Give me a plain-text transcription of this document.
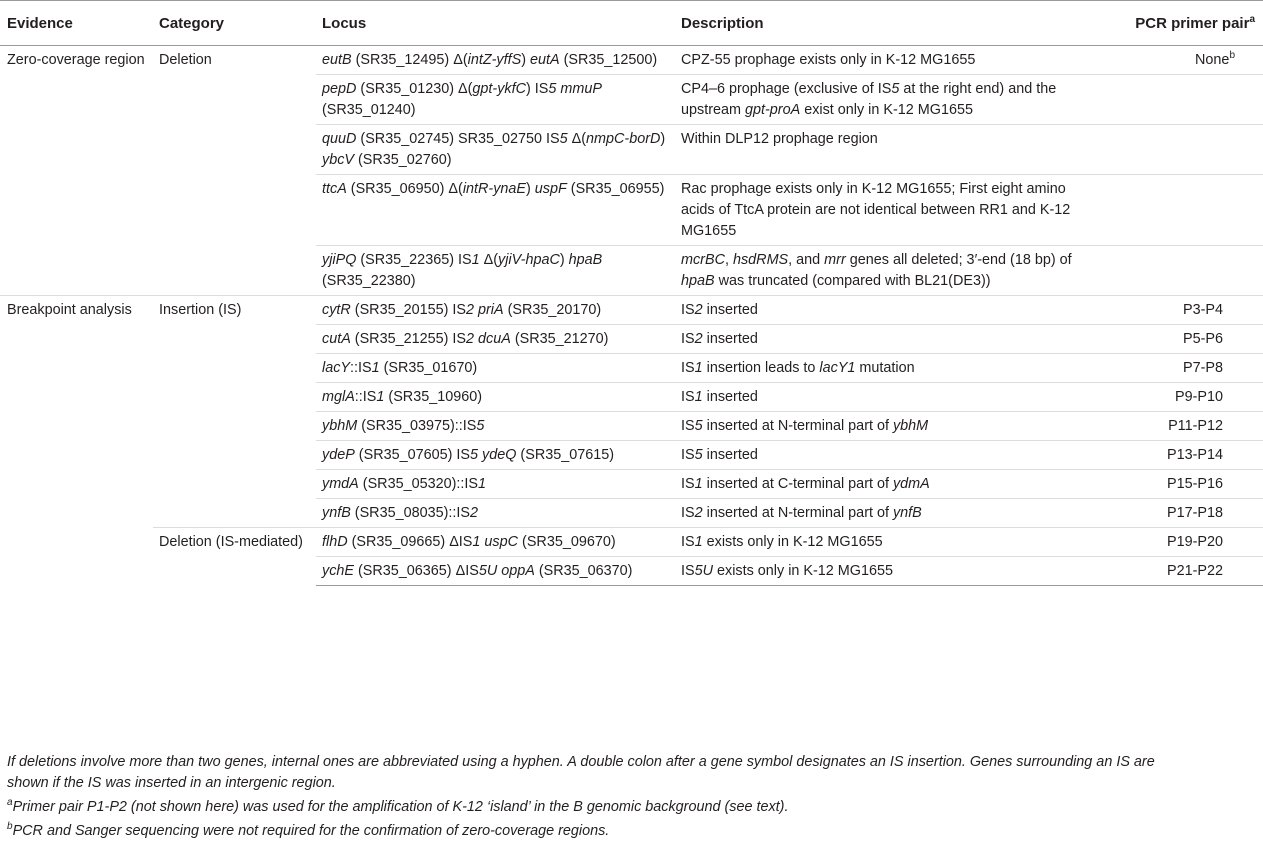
Evidence	Category	Locus	Description	PCR primer pair$^a$
Zero-coverage region	Deletion	eutB (SR35_12495) Δ(intZ-yffS) eutA (SR35_12500)	CPZ-55 prophage exists only in K-12 MG1655	None$^b$
		pepD (SR35_01230) Δ(gpt-ykfC) IS5 mmuP (SR35_01240)	CP4–6 prophage (exclusive of IS5 at the right end) and the upstream gpt-proA exist only in K-12 MG1655	
		quuD (SR35_02745) SR35_02750 IS5 Δ(nmpC-borD) ybcV (SR35_02760)	Within DLP12 prophage region	
		ttcA (SR35_06950) Δ(intR-ynaE) uspF (SR35_06955)	Rac prophage exists only in K-12 MG1655; First eight amino acids of TtcA protein are not identical between RR1 and K-12 MG1655	
		yjiPQ (SR35_22365) IS1 Δ(yjiV-hpaC) hpaB (SR35_22380)	mcrBC, hsdRMS, and mrr genes all deleted; 3′-end (18 bp) of hpaB was truncated (compared with BL21(DE3))	
Breakpoint analysis	Insertion (IS)	cytR (SR35_20155) IS2 priA (SR35_20170)	IS2 inserted	P3-P4
		cutA (SR35_21255) IS2 dcuA (SR35_21270)	IS2 inserted	P5-P6
		lacY::IS1 (SR35_01670)	IS1 insertion leads to lacY1 mutation	P7-P8
		mglA::IS1 (SR35_10960)	IS1 inserted	P9-P10
		ybhM (SR35_03975)::IS5	IS5 inserted at N-terminal part of ybhM	P11-P12
		ydeP (SR35_07605) IS5 ydeQ (SR35_07615)	IS5 inserted	P13-P14
		ymdA (SR35_05320)::IS1	IS1 inserted at C-terminal part of ydmA	P15-P16
		ynfB (SR35_08035)::IS2	IS2 inserted at N-terminal part of ynfB	P17-P18
	Deletion (IS-mediated)	flhD (SR35_09665) ΔIS1 uspC (SR35_09670)	IS1 exists only in K-12 MG1655	P19-P20
		ychE (SR35_06365) ΔIS5U oppA (SR35_06370)	IS5U exists only in K-12 MG1655	P21-P22

If deletions involve more than two genes, internal ones are abbreviated using a hyphen. A double colon after a gene symbol designates an IS insertion. Genes surrounding an IS are shown if the IS was inserted in an intergenic region.

$^a$Primer pair P1-P2 (not shown here) was used for the amplification of K-12 ‘island’ in the B genomic background (see text).

$^b$PCR and Sanger sequencing were not required for the confirmation of zero-coverage regions.
